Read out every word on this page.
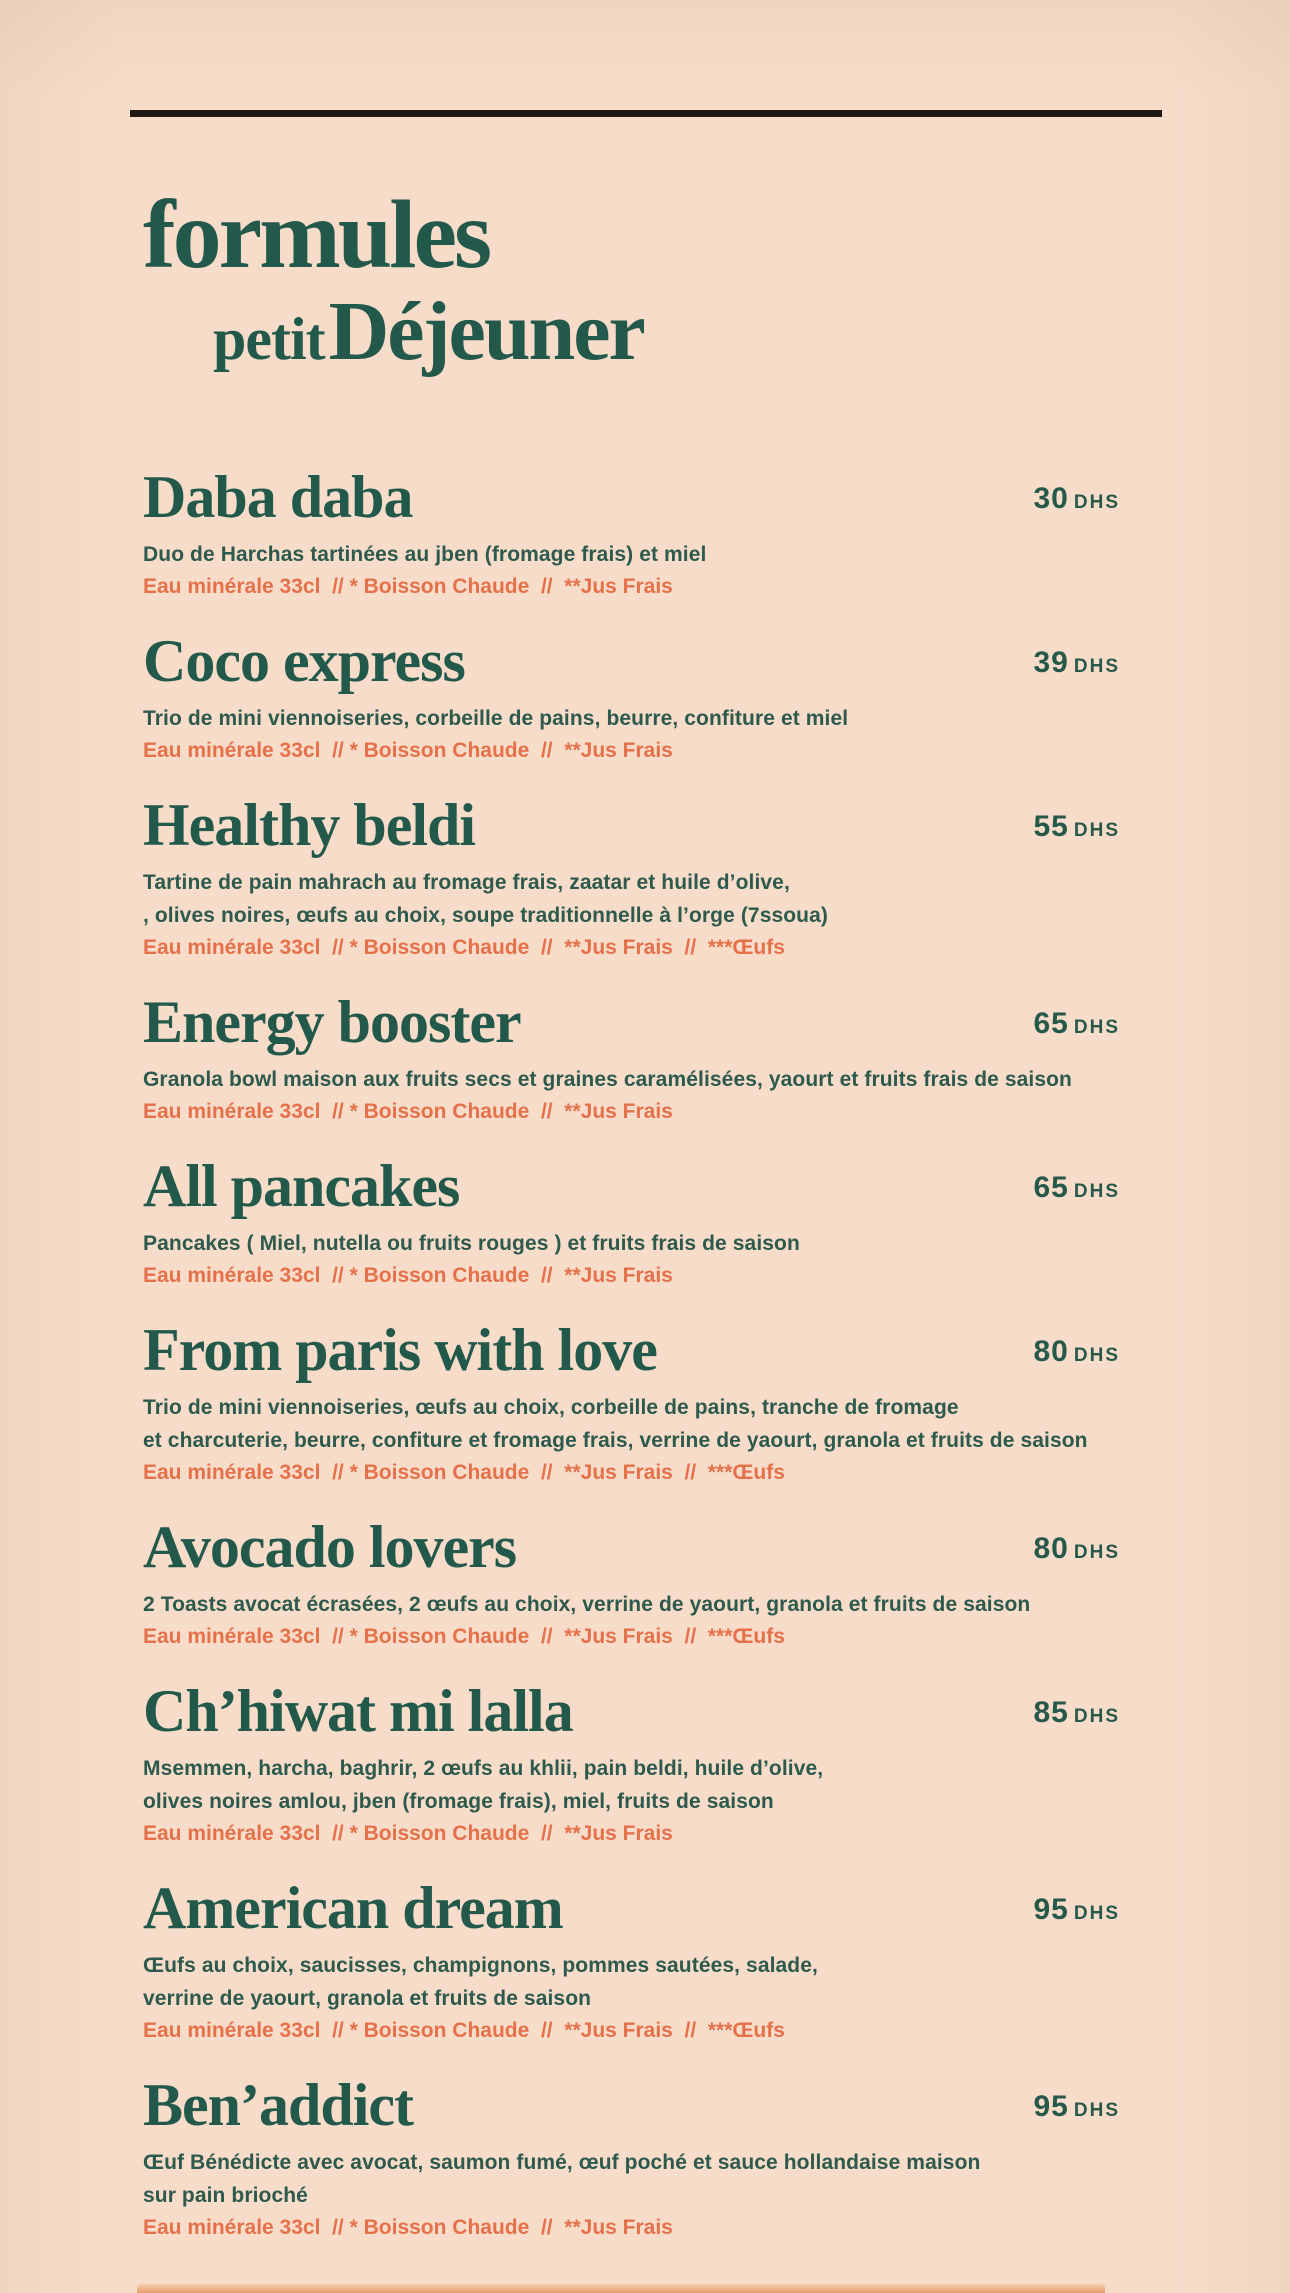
formules
petit Déjeuner
Daba daba	30 DHS

Duo de Harchas tartinées au jben (fromage frais) et miel

Eau minérale 33cl  // * Boisson Chaude  //  **Jus Frais

Coco express	39 DHS

Trio de mini viennoiseries, corbeille de pains, beurre, confiture et miel

Eau minérale 33cl  // * Boisson Chaude  //  **Jus Frais

Healthy beldi	55 DHS

Tartine de pain mahrach au fromage frais, zaatar et huile d’olive,

, olives noires, œufs au choix, soupe traditionnelle à l’orge (7ssoua)

Eau minérale 33cl  // * Boisson Chaude  //  **Jus Frais  //  ***Œufs

Energy booster	65 DHS

Granola bowl maison aux fruits secs et graines caramélisées, yaourt et fruits frais de saison

Eau minérale 33cl  // * Boisson Chaude  //  **Jus Frais

All pancakes	65 DHS

Pancakes ( Miel, nutella ou fruits rouges ) et fruits frais de saison

Eau minérale 33cl  // * Boisson Chaude  //  **Jus Frais

From paris with love	80 DHS

Trio de mini viennoiseries, œufs au choix, corbeille de pains, tranche de fromage

et charcuterie, beurre, confiture et fromage frais, verrine de yaourt, granola et fruits de saison

Eau minérale 33cl  // * Boisson Chaude  //  **Jus Frais  //  ***Œufs

Avocado lovers	80 DHS

2 Toasts avocat écrasées, 2 œufs au choix, verrine de yaourt, granola et fruits de saison

Eau minérale 33cl  // * Boisson Chaude  //  **Jus Frais  //  ***Œufs

Ch’hiwat mi lalla	85 DHS

Msemmen, harcha, baghrir, 2 œufs au khlii, pain beldi, huile d’olive,

olives noires amlou, jben (fromage frais), miel, fruits de saison

Eau minérale 33cl  // * Boisson Chaude  //  **Jus Frais

American dream	95 DHS

Œufs au choix, saucisses, champignons, pommes sautées, salade,

verrine de yaourt, granola et fruits de saison

Eau minérale 33cl  // * Boisson Chaude  //  **Jus Frais  //  ***Œufs

Ben’addict	95 DHS

Œuf Bénédicte avec avocat, saumon fumé, œuf poché et sauce hollandaise maison

sur pain brioché

Eau minérale 33cl  // * Boisson Chaude  //  **Jus Frais
